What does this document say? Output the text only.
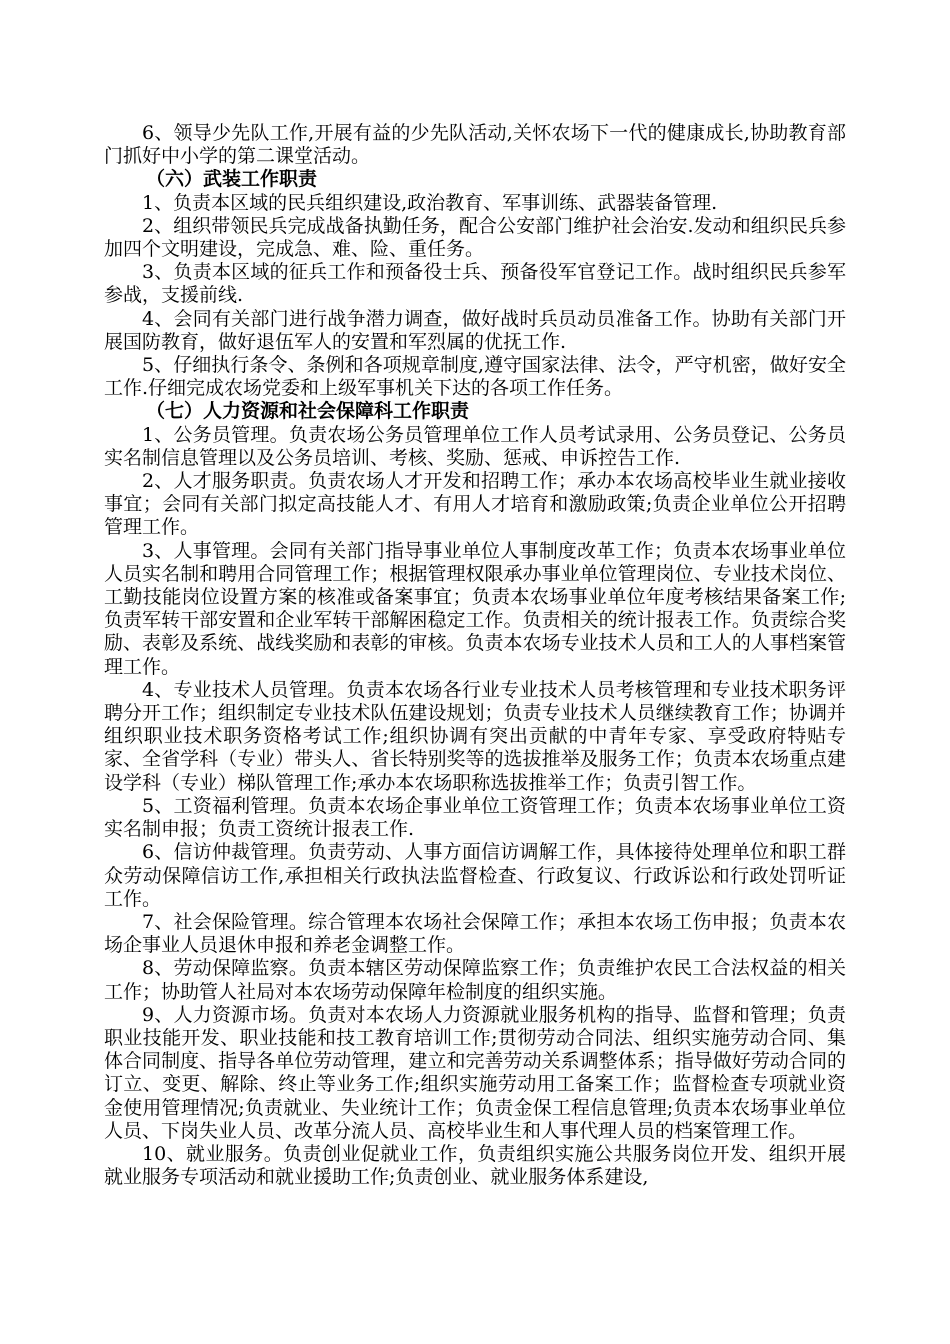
6、领导少先队工作,开展有益的少先队活动,关怀农场下一代的健康成长,协助教育部门抓好中小学的第二课堂活动。

（六）武装工作职责

1、负责本区域的民兵组织建设,政治教育、军事训练、武器装备管理.

2、组织带领民兵完成战备执勤任务，配合公安部门维护社会治安.发动和组织民兵参加四个文明建设，完成急、难、险、重任务。

3、负责本区域的征兵工作和预备役士兵、预备役军官登记工作。战时组织民兵参军参战，支援前线.

4、会同有关部门进行战争潜力调查，做好战时兵员动员准备工作。协助有关部门开展国防教育，做好退伍军人的安置和军烈属的优抚工作.

5、仔细执行条令、条例和各项规章制度,遵守国家法律、法令，严守机密，做好安全工作.仔细完成农场党委和上级军事机关下达的各项工作任务。

（七）人力资源和社会保障科工作职责

1、公务员管理。负责农场公务员管理单位工作人员考试录用、公务员登记、公务员实名制信息管理以及公务员培训、考核、奖励、惩戒、申诉控告工作.

2、人才服务职责。负责农场人才开发和招聘工作；承办本农场高校毕业生就业接收事宜；会同有关部门拟定高技能人才、有用人才培育和激励政策;负责企业单位公开招聘管理工作。

3、人事管理。会同有关部门指导事业单位人事制度改革工作；负责本农场事业单位人员实名制和聘用合同管理工作；根据管理权限承办事业单位管理岗位、专业技术岗位、工勤技能岗位设置方案的核准或备案事宜；负责本农场事业单位年度考核结果备案工作;负责军转干部安置和企业军转干部解困稳定工作。负责相关的统计报表工作。负责综合奖励、表彰及系统、战线奖励和表彰的审核。负责本农场专业技术人员和工人的人事档案管理工作。

4、专业技术人员管理。负责本农场各行业专业技术人员考核管理和专业技术职务评聘分开工作；组织制定专业技术队伍建设规划；负责专业技术人员继续教育工作；协调并组织职业技术职务资格考试工作;组织协调有突出贡献的中青年专家、享受政府特贴专家、全省学科（专业）带头人、省长特别奖等的选拔推举及服务工作；负责本农场重点建设学科（专业）梯队管理工作;承办本农场职称选拔推举工作；负责引智工作。

5、工资福利管理。负责本农场企事业单位工资管理工作；负责本农场事业单位工资实名制申报；负责工资统计报表工作.

6、信访仲裁管理。负责劳动、人事方面信访调解工作，具体接待处理单位和职工群众劳动保障信访工作,承担相关行政执法监督检查、行政复议、行政诉讼和行政处罚听证工作。

7、社会保险管理。综合管理本农场社会保障工作；承担本农场工伤申报；负责本农场企事业人员退休申报和养老金调整工作。

8、劳动保障监察。负责本辖区劳动保障监察工作；负责维护农民工合法权益的相关工作；协助管人社局对本农场劳动保障年检制度的组织实施。

9、人力资源市场。负责对本农场人力资源就业服务机构的指导、监督和管理；负责职业技能开发、职业技能和技工教育培训工作;贯彻劳动合同法、组织实施劳动合同、集体合同制度、指导各单位劳动管理，建立和完善劳动关系调整体系；指导做好劳动合同的订立、变更、解除、终止等业务工作;组织实施劳动用工备案工作；监督检查专项就业资金使用管理情况;负责就业、失业统计工作；负责金保工程信息管理;负责本农场事业单位人员、下岗失业人员、改革分流人员、高校毕业生和人事代理人员的档案管理工作。

10、就业服务。负责创业促就业工作，负责组织实施公共服务岗位开发、组织开展就业服务专项活动和就业援助工作;负责创业、就业服务体系建设,
